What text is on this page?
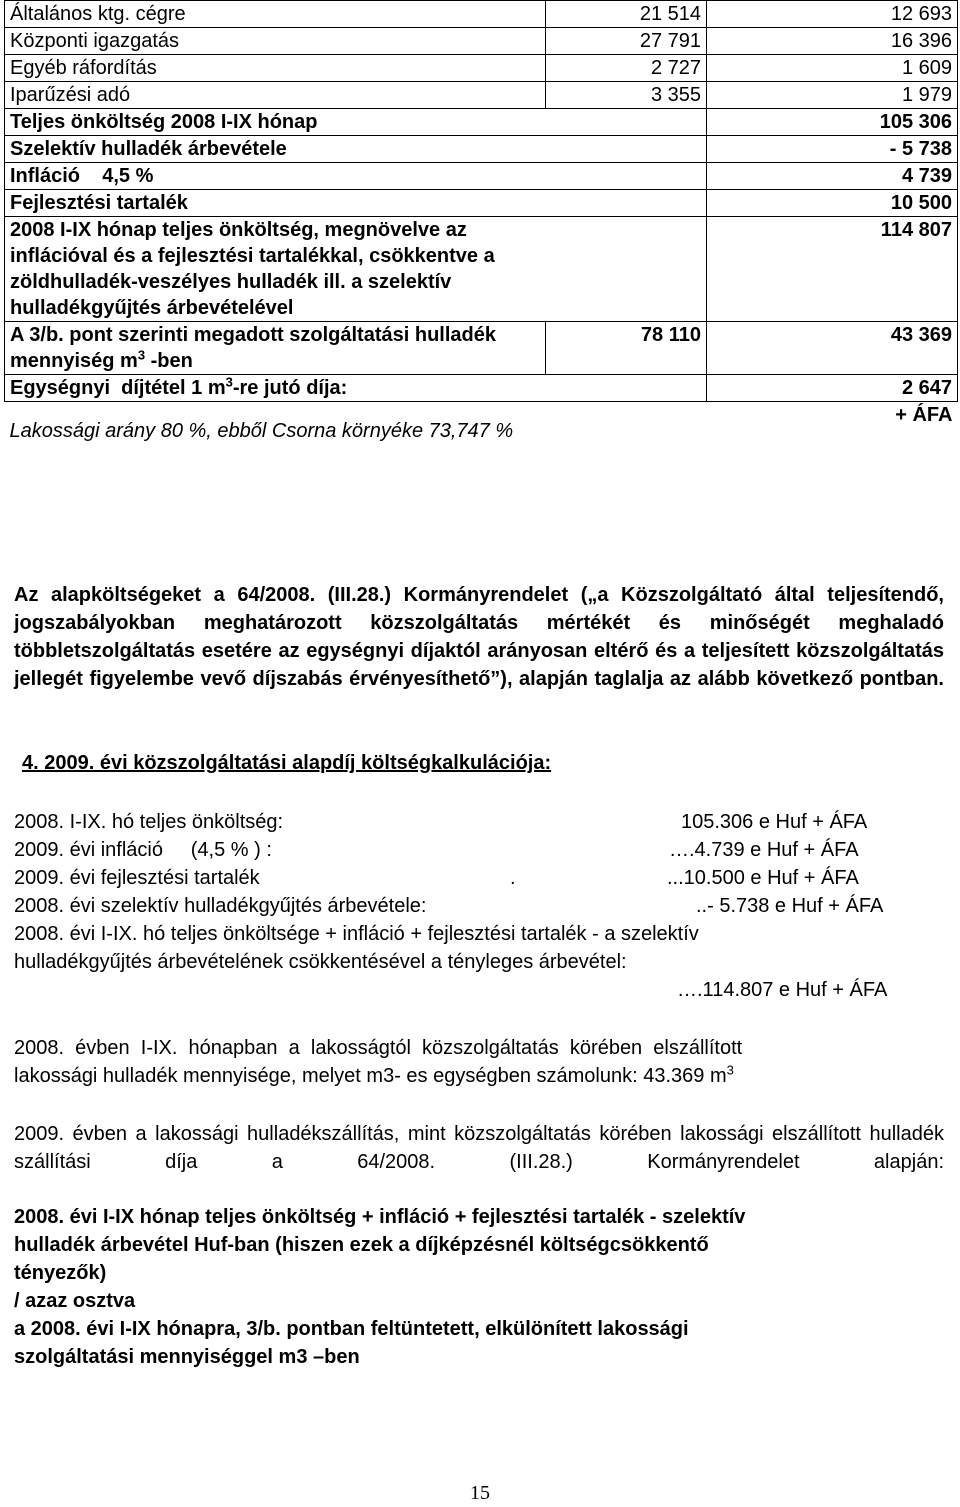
Általános ktg. cégre	21 514	12 693
Központi igazgatás	27 791	16 396
Egyéb ráfordítás	2 727	1 609
Iparűzési adó	3 355	1 979
Teljes önköltség 2008 I-IX hónap		105 306
Szelektív hulladék árbevétele		- 5 738
Infláció    4,5 %		4 739
Fejlesztési tartalék		10 500
2008 I-IX hónap teljes önköltség, megnövelve az inflációval és a fejlesztési tartalékkal, csökkentve a zöldhulladék-veszélyes hulladék ill. a szelektív hulladékgyűjtés árbevételével		114 807
A 3/b. pont szerinti megadott szolgáltatási hulladék mennyiség $m^3$ -ben	78 110	43 369
Egységnyi  díjtétel 1 $m^3-re$ jutó díja:		2 647
Lakossági arány 80 %, ebből Csorna környéke 73,747 %		+ ÁFA
Az alapköltségeket a 64/2008. (III.28.) Kormányrendelet („a Közszolgáltató által teljesítendő, jogszabályokban meghatározott közszolgáltatás mértékét és minőségét meghaladó többletszolgáltatás esetére az egységnyi díjaktól arányosan eltérő és a teljesített közszolgáltatás jellegét figyelembe vevő díjszabás érvényesíthető”), alapján taglalja az alább következő pontban.
4. 2009. évi közszolgáltatási alapdíj költségkalkulációja:
2008. I-IX. hó teljes önköltség:	105.306 e Huf + ÁFA
2009. évi infláció     (4,5 % ) :	….4.739 e Huf + ÁFA
2009. évi fejlesztési tartalék	.	...10.500 e Huf + ÁFA
2008. évi szelektív hulladékgyűjtés árbevétele:	..- 5.738 e Huf + ÁFA
2008. évi I-IX. hó teljes önköltsége + infláció + fejlesztési tartalék - a szelektív
hulladékgyűjtés árbevételének csökkentésével a tényleges árbevétel:
….114.807 e Huf + ÁFA
2008.  évben  I-IX.  hónapban  a  lakosságtól  közszolgáltatás  körében  elszállított
lakossági hulladék mennyisége, melyet m3- es egységben számolunk: 43.369 $m^3$
2009. évben a lakossági hulladékszállítás, mint közszolgáltatás körében lakossági elszállított hulladék szállítási díja a 64/2008. (III.28.) Kormányrendelet alapján:
2008. évi I-IX hónap teljes önköltség + infláció + fejlesztési tartalék - szelektív
hulladék árbevétel Huf-ban (hiszen ezek a díjképzésnél költségcsökkentő
tényezők)
/ azaz osztva
a 2008. évi I-IX hónapra, 3/b. pontban feltüntetett, elkülönített lakossági
szolgáltatási mennyiséggel m3 –ben
15
